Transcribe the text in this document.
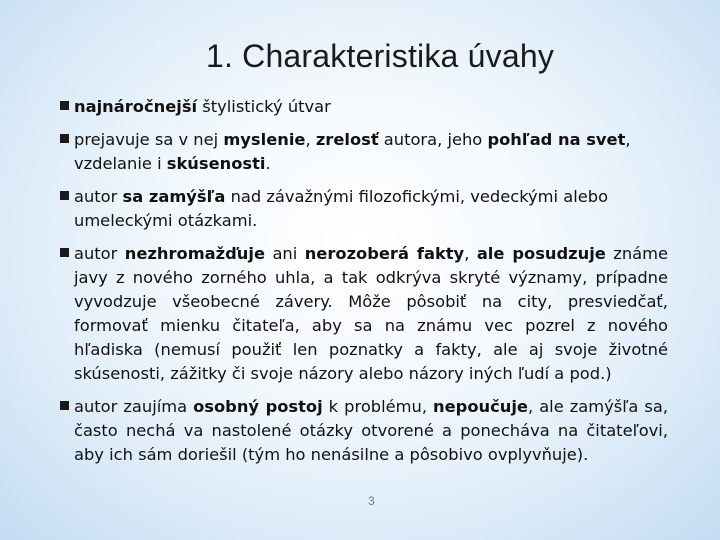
1. Charakteristika úvahy
najnáročnejší štylistický útvar
prejavuje sa v nej myslenie, zrelosť autora, jeho pohľad na svet, vzdelanie i skúsenosti.
autor sa zamýšľa nad závažnými filozofickými, vedeckými alebo umeleckými otázkami.
autor nezhromažďuje ani nerozoberá fakty, ale posudzuje známe javy z nového zorného uhla, a tak odkrýva skryté významy, prípadne vyvodzuje všeobecné závery. Môže pôsobiť na city, presviedčať, formovať mienku čitateľa, aby sa na známu vec pozrel z nového hľadiska (nemusí použiť len poznatky a fakty, ale aj svoje životné skúsenosti, zážitky či svoje názory alebo názory iných ľudí a pod.)
autor zaujíma osobný postoj k problému, nepoučuje, ale zamýšľa sa, často nechá va nastolené otázky otvorené a ponecháva na čitateľovi, aby ich sám doriešil (tým ho nenásilne a pôsobivo ovplyvňuje).
3
